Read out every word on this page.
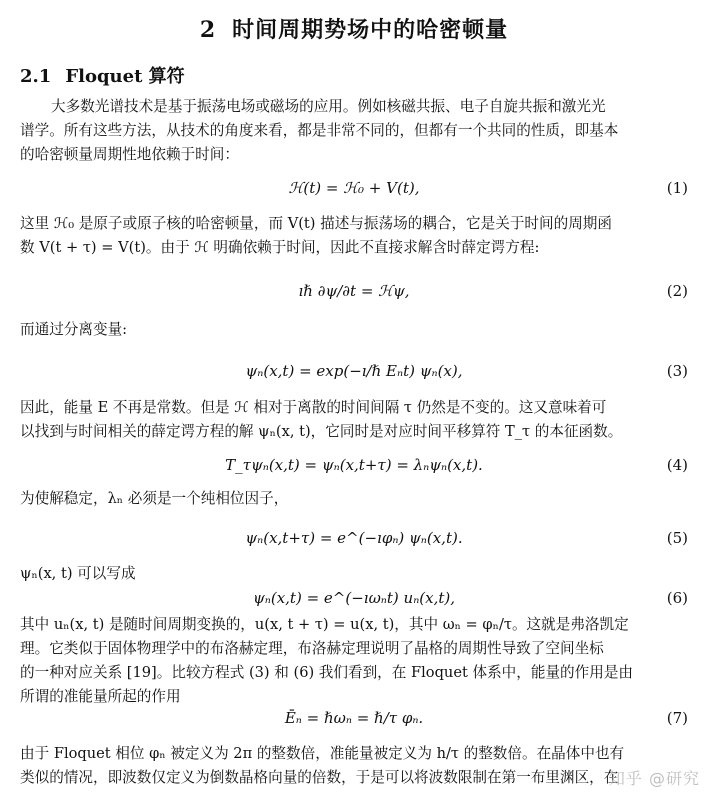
2 时间周期势场中的哈密顿量
2.1 Floquet 算符
大多数光谱技术是基于振荡电场或磁场的应用。例如核磁共振、电子自旋共振和激光光
谱学。所有这些方法，从技术的角度来看，都是非常不同的，但都有一个共同的性质，即基本
的哈密顿量周期性地依赖于时间：
ℋ(t) = ℋ₀ + V(t),	(1)
这里 ℋ₀ 是原子或原子核的哈密顿量，而 V(t) 描述与振荡场的耦合，它是关于时间的周期函
数 V(t + τ) = V(t)。由于 ℋ 明确依赖于时间，因此不直接求解含时薛定谔方程:
ıℏ ∂ψ/∂t = ℋψ,	(2)
而通过分离变量:
ψₙ(x,t) = exp(−ı/ℏ Eₙt) ψₙ(x),	(3)
因此，能量 E 不再是常数。但是 ℋ 相对于离散的时间间隔 τ 仍然是不变的。这又意味着可
以找到与时间相关的薛定谔方程的解 ψₙ(x, t)，它同时是对应时间平移算符 T_τ 的本征函数。
T_τψₙ(x,t) = ψₙ(x,t+τ) = λₙψₙ(x,t).	(4)
为使解稳定，λₙ 必须是一个纯相位因子，
ψₙ(x,t+τ) = e^(−ıφₙ) ψₙ(x,t).	(5)
ψₙ(x, t) 可以写成
ψₙ(x,t) = e^(−ıωₙt) uₙ(x,t),	(6)
其中 uₙ(x, t) 是随时间周期变换的，u(x, t + τ) = u(x, t)，其中 ωₙ = φₙ/τ。这就是弗洛凯定
理。它类似于固体物理学中的布洛赫定理，布洛赫定理说明了晶格的周期性导致了空间坐标
的一种对应关系 [19]。比较方程式 (3) 和 (6) 我们看到，在 Floquet 体系中，能量的作用是由
所谓的准能量所起的作用
Ēₙ = ℏωₙ = ℏ/τ φₙ.	(7)
由于 Floquet 相位 φₙ 被定义为 2π 的整数倍，准能量被定义为 h/τ 的整数倍。在晶体中也有
类似的情况，即波数仅定义为倒数晶格向量的倍数，于是可以将波数限制在第一布里渊区，在
知乎 @研究
